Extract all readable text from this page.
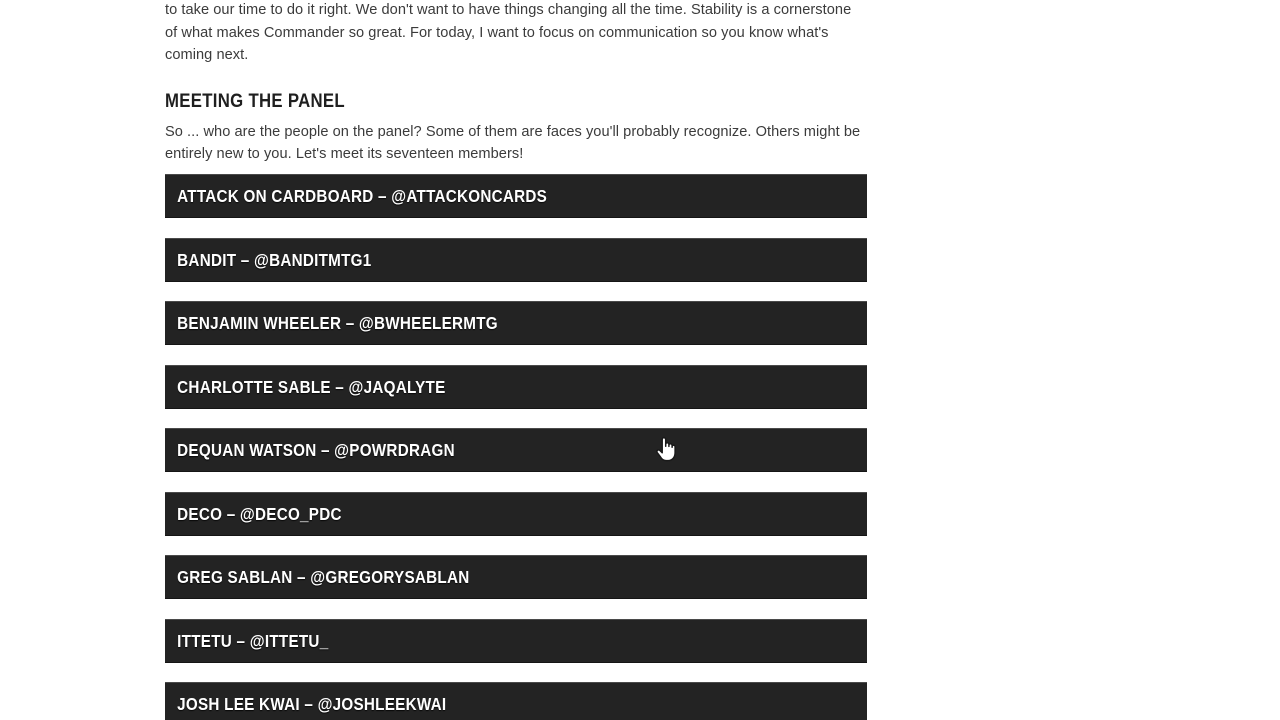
to take our time to do it right. We don't want to have things changing all the time. Stability is a cornerstone of what makes Commander so great. For today, I want to focus on communication so you know what's coming next.

MEETING THE PANEL

So ... who are the people on the panel? Some of them are faces you'll probably recognize. Others might be entirely new to you. Let's meet its seventeen members!

ATTACK ON CARDBOARD – @ATTACKONCARDS
BANDIT – @BANDITMTG1
BENJAMIN WHEELER – @BWHEELERMTG
CHARLOTTE SABLE – @JAQALYTE
DEQUAN WATSON – @POWRDRAGN
DECO – @DECO_PDC
GREG SABLAN – @GREGORYSABLAN
ITTETU – @ITTETU_
JOSH LEE KWAI – @JOSHLEEKWAI
